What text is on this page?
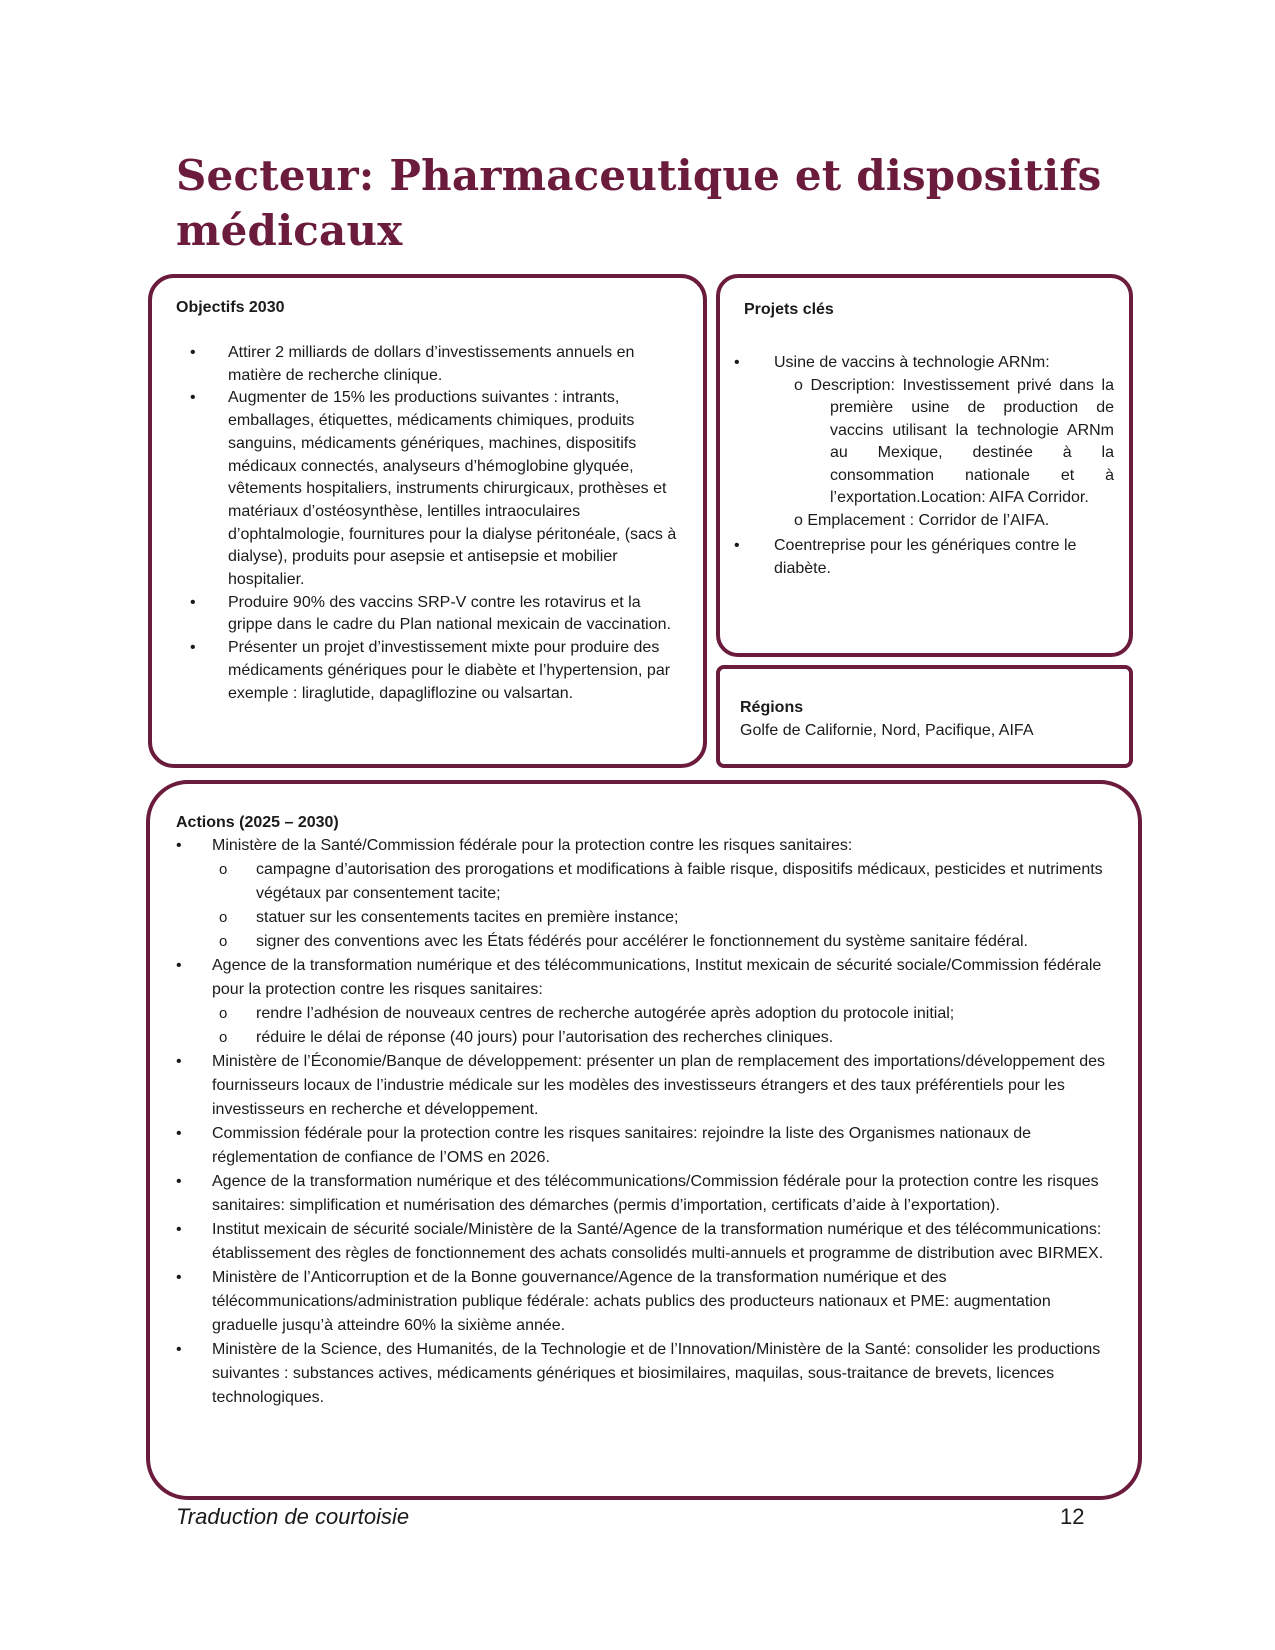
Secteur: Pharmaceutique et dispositifs médicaux

Objectifs 2030

• Attirer 2 milliards de dollars d’investissements annuels en matière de recherche clinique.
• Augmenter de 15% les productions suivantes : intrants, emballages, étiquettes, médicaments chimiques, produits sanguins, médicaments génériques, machines, dispositifs médicaux connectés, analyseurs d’hémoglobine glyquée, vêtements hospitaliers, instruments chirurgicaux, prothèses et matériaux d’ostéosynthèse, lentilles intraoculaires d’ophtalmologie, fournitures pour la dialyse péritonéale, (sacs à dialyse), produits pour asepsie et antisepsie et mobilier hospitalier.
• Produire 90% des vaccins SRP-V contre les rotavirus et la grippe dans le cadre du Plan national mexicain de vaccination.
• Présenter un projet d’investissement mixte pour produire des médicaments génériques pour le diabète et l’hypertension, par exemple : liraglutide, dapagliflozine ou valsartan.

Projets clés

• Usine de vaccins à technologie ARNm:
o Description: Investissement privé dans la première usine de production de vaccins utilisant la technologie ARNm au Mexique, destinée à la consommation nationale et à l’exportation.Location: AIFA Corridor.
o Emplacement : Corridor de l’AIFA.
• Coentreprise pour les génériques contre le diabète.

Régions

Golfe de Californie, Nord, Pacifique, AIFA

Actions (2025 – 2030)

• Ministère de la Santé/Commission fédérale pour la protection contre les risques sanitaires:
o campagne d’autorisation des prorogations et modifications à faible risque, dispositifs médicaux, pesticides et nutriments végétaux par consentement tacite;
o statuer sur les consentements tacites en première instance;
o signer des conventions avec les États fédérés pour accélérer le fonctionnement du système sanitaire fédéral.
• Agence de la transformation numérique et des télécommunications, Institut mexicain de sécurité sociale/Commission fédérale pour la protection contre les risques sanitaires:
o rendre l’adhésion de nouveaux centres de recherche autogérée après adoption du protocole initial;
o réduire le délai de réponse (40 jours) pour l’autorisation des recherches cliniques.
• Ministère de l’Économie/Banque de développement: présenter un plan de remplacement des importations/développement des fournisseurs locaux de l’industrie médicale sur les modèles des investisseurs étrangers et des taux préférentiels pour les investisseurs en recherche et développement.
• Commission fédérale pour la protection contre les risques sanitaires: rejoindre la liste des Organismes nationaux de réglementation de confiance de l’OMS en 2026.
• Agence de la transformation numérique et des télécommunications/Commission fédérale pour la protection contre les risques sanitaires: simplification et numérisation des démarches (permis d’importation, certificats d’aide à l’exportation).
• Institut mexicain de sécurité sociale/Ministère de la Santé/Agence de la transformation numérique et des télécommunications: établissement des règles de fonctionnement des achats consolidés multi-annuels et programme de distribution avec BIRMEX.
• Ministère de l’Anticorruption et de la Bonne gouvernance/Agence de la transformation numérique et des télécommunications/administration publique fédérale: achats publics des producteurs nationaux et PME: augmentation graduelle jusqu’à atteindre 60% la sixième année.
• Ministère de la Science, des Humanités, de la Technologie et de l’Innovation/Ministère de la Santé: consolider les productions suivantes : substances actives, médicaments génériques et biosimilaires, maquilas, sous-traitance de brevets, licences technologiques.
Traduction de courtoisie	12
